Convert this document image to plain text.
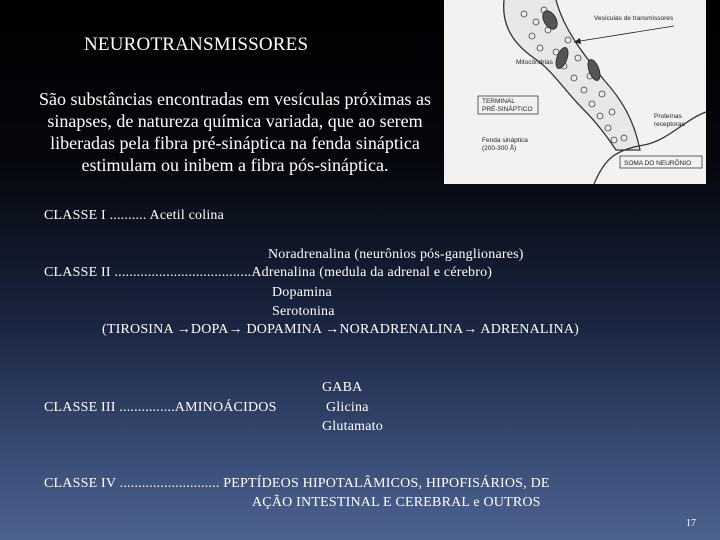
NEUROTRANSMISSORES
São substâncias encontradas em vesículas próximas as
sinapses, de natureza química variada, que ao serem
liberadas pela fibra pré-sináptica na fenda sináptica
estimulam ou inibem a fibra pós-sináptica.
Vesículas de transmissores
Mitocôndrias
TERMINAL
PRÉ-SINÁPTICO
Proteínas
receptoras
Fenda sináptica
(200-300 Å)
SOMA DO NEURÔNIO
CLASSE I .......... Acetil colina
Noradrenalina (neurônios pós-ganglionares)
CLASSE II .....................................Adrenalina (medula da adrenal e cérebro)
Dopamina
Serotonina
(TIROSINA →DOPA→ DOPAMINA →NORADRENALINA→ ADRENALINA)
GABA
CLASSE III ...............AMINOÁCIDOS	Glicina
Glutamato
CLASSE IV ........................... PEPTÍDEOS HIPOTALÂMICOS, HIPOFISÁRIOS, DE
AÇÃO INTESTINAL E CEREBRAL e OUTROS
17
